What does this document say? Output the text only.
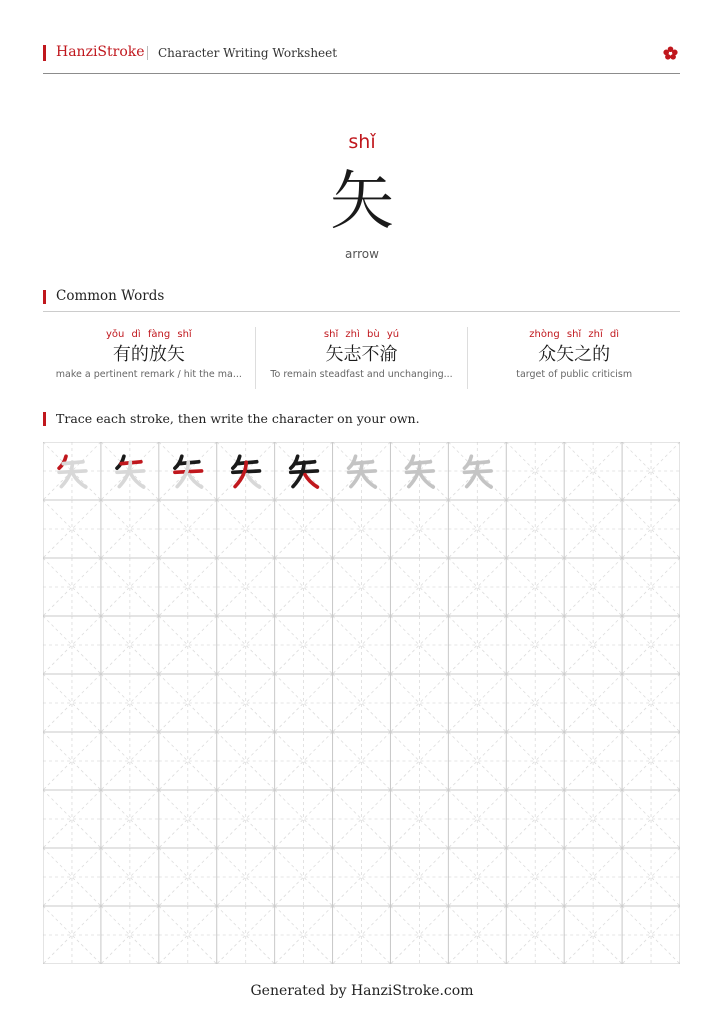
HanziStroke Character Writing Worksheet
shǐ
矢
arrow
Common Words
yǒu dì fàng shǐ
有的放矢
make a pertinent remark / hit the ma...
shǐ zhì bù yú
矢志不渝
To remain steadfast and unchanging...
zhòng shǐ zhī dì
众矢之的
target of public criticism
Trace each stroke, then write the character on your own.
Generated by HanziStroke.com
